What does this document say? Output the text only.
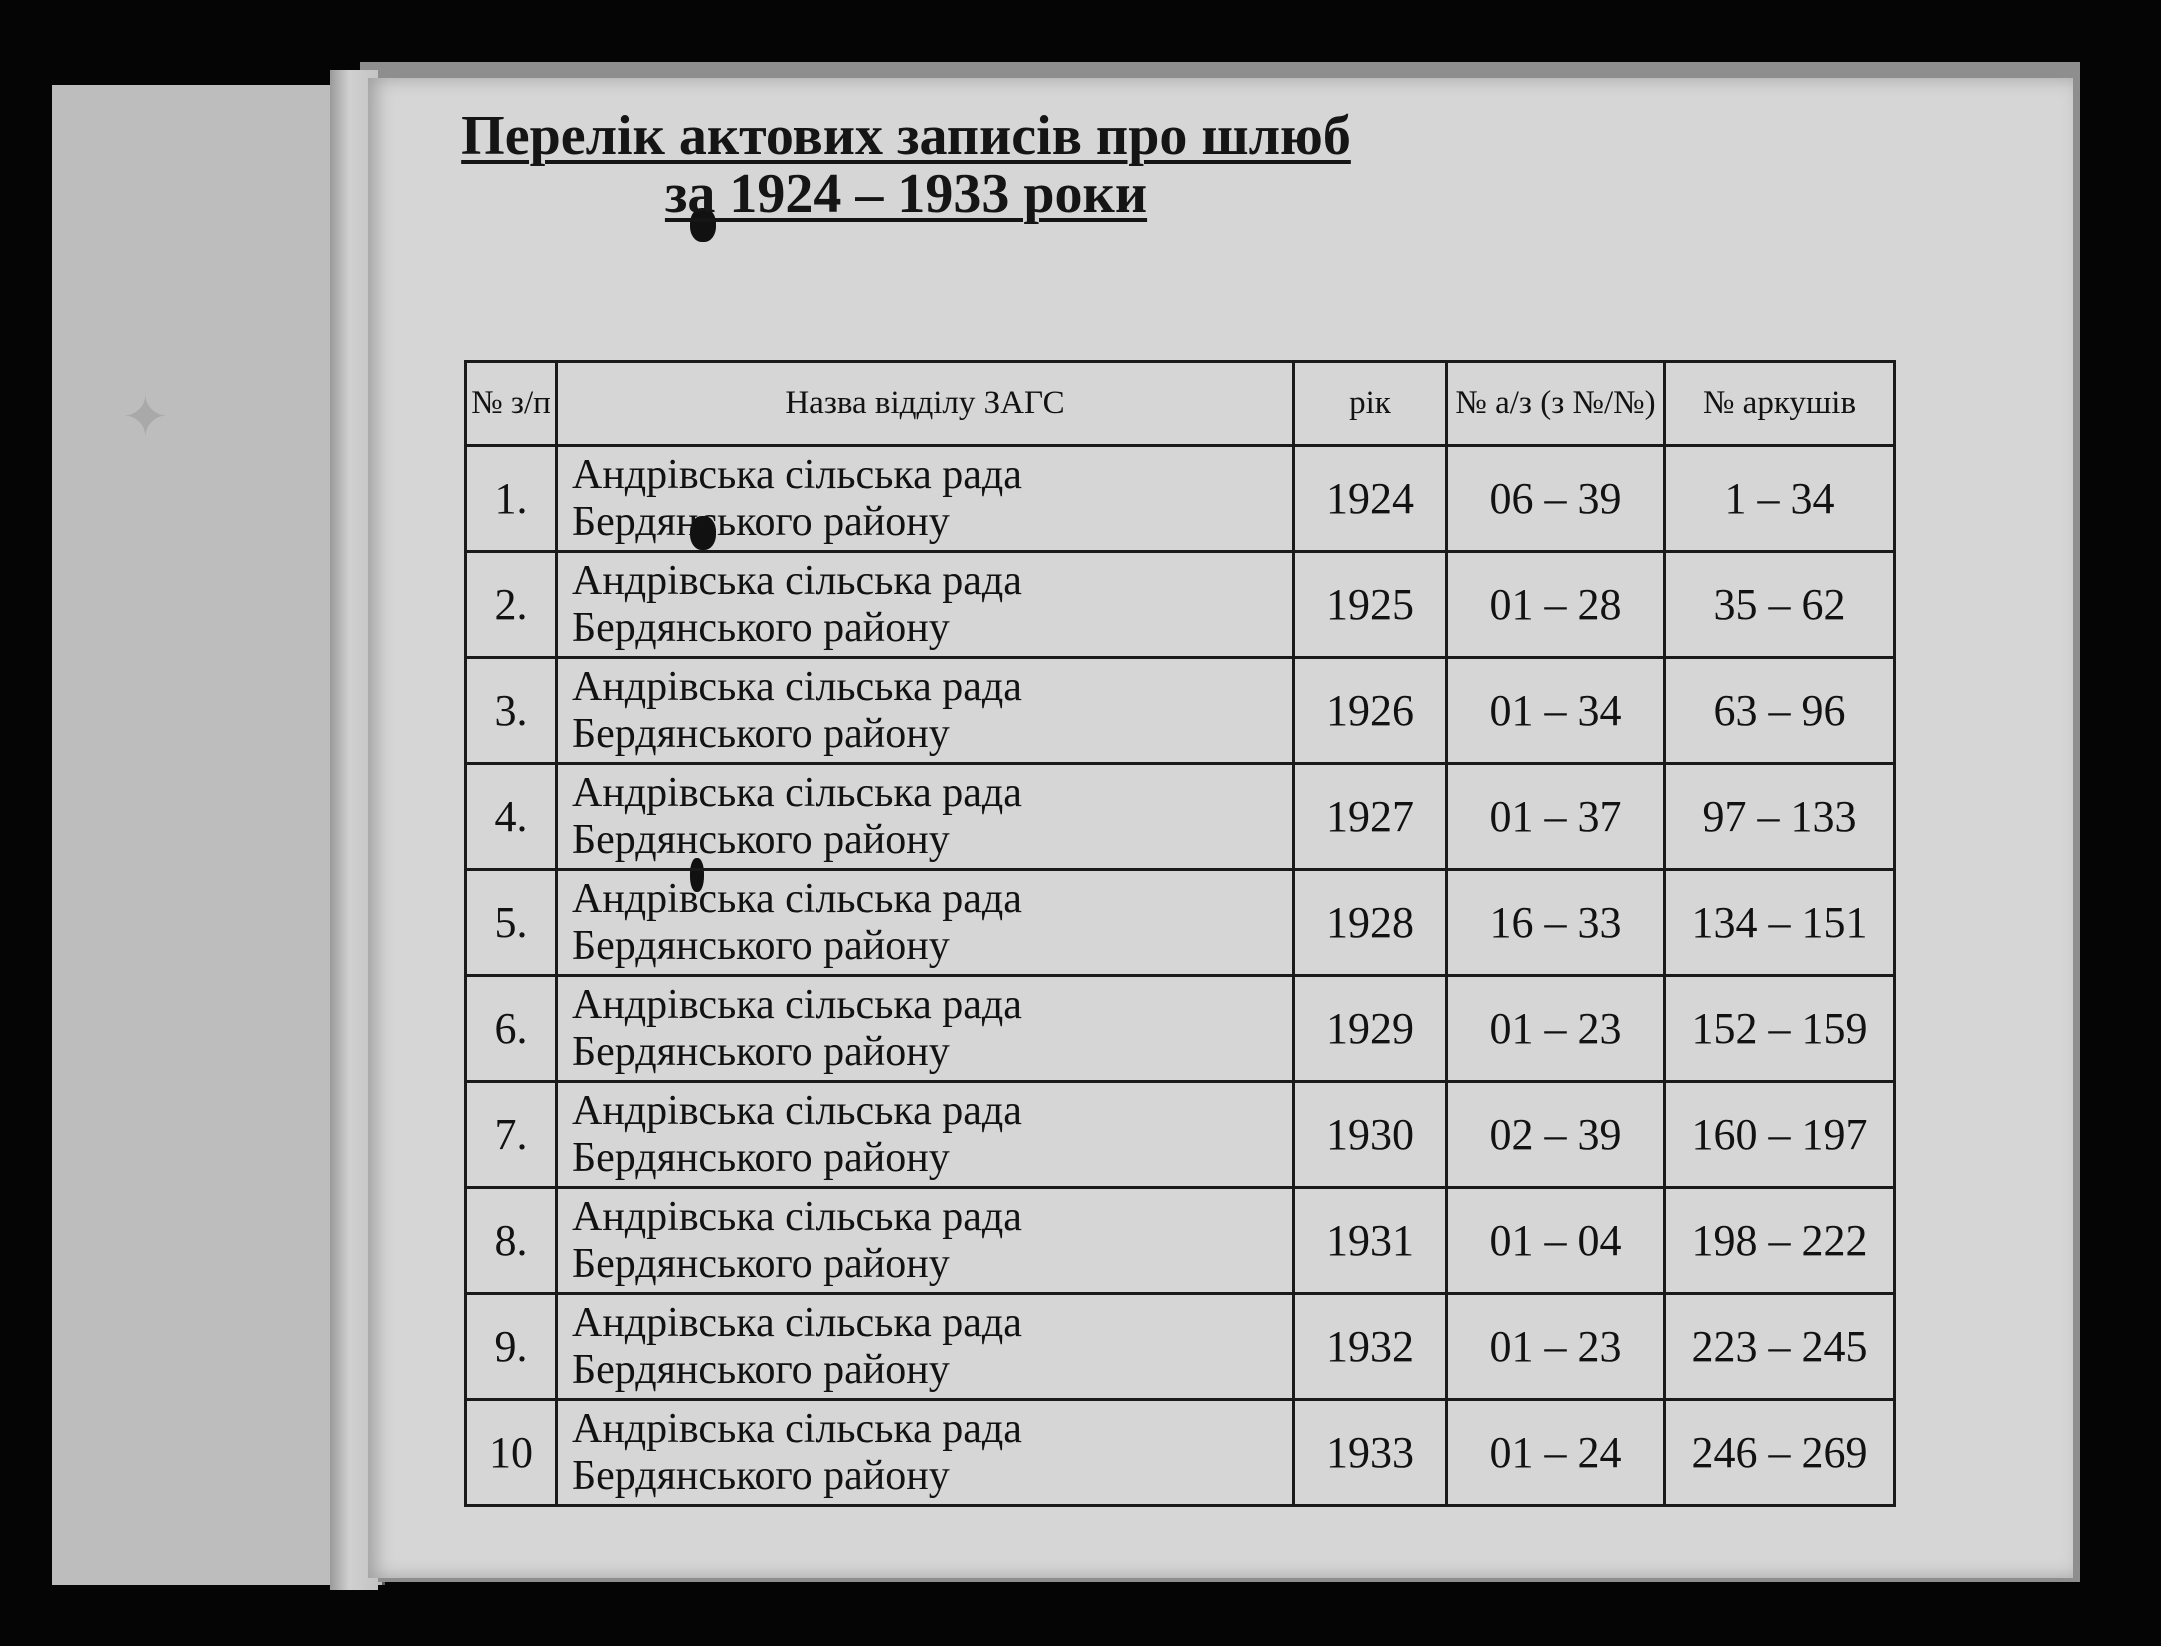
✦
Перелік актових записів про шлюб
за 1924 – 1933 роки
№ з/п	Назва відділу ЗАГС	рік	№ а/з (з №/№)	№ аркушів
1.	Андрівська сільська рада
Бердянського району	1924	06 – 39	1 – 34
2.	Андрівська сільська рада
Бердянського району	1925	01 – 28	35 – 62
3.	Андрівська сільська рада
Бердянського району	1926	01 – 34	63 – 96
4.	Андрівська сільська рада
Бердянського району	1927	01 – 37	97 – 133
5.	Андрівська сільська рада
Бердянського району	1928	16 – 33	134 – 151
6.	Андрівська сільська рада
Бердянського району	1929	01 – 23	152 – 159
7.	Андрівська сільська рада
Бердянського району	1930	02 – 39	160 – 197
8.	Андрівська сільська рада
Бердянського району	1931	01 – 04	198 – 222
9.	Андрівська сільська рада
Бердянського району	1932	01 – 23	223 – 245
10	Андрівська сільська рада
Бердянського району	1933	01 – 24	246 – 269
